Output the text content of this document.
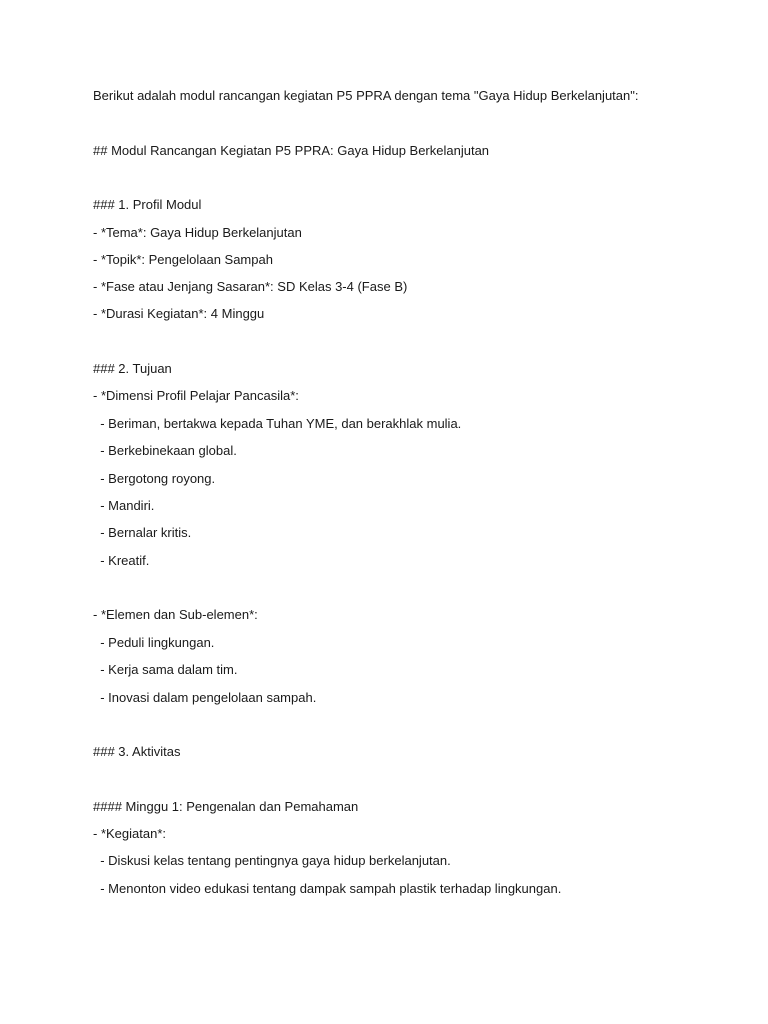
Berikut adalah modul rancangan kegiatan P5 PPRA dengan tema "Gaya Hidup Berkelanjutan":
## Modul Rancangan Kegiatan P5 PPRA: Gaya Hidup Berkelanjutan
### 1. Profil Modul
- *Tema*: Gaya Hidup Berkelanjutan
- *Topik*: Pengelolaan Sampah
- *Fase atau Jenjang Sasaran*: SD Kelas 3-4 (Fase B)
- *Durasi Kegiatan*: 4 Minggu
### 2. Tujuan
- *Dimensi Profil Pelajar Pancasila*:
- Beriman, bertakwa kepada Tuhan YME, dan berakhlak mulia.
- Berkebinekaan global.
- Bergotong royong.
- Mandiri.
- Bernalar kritis.
- Kreatif.
- *Elemen dan Sub-elemen*:
- Peduli lingkungan.
- Kerja sama dalam tim.
- Inovasi dalam pengelolaan sampah.
### 3. Aktivitas
#### Minggu 1: Pengenalan dan Pemahaman
- *Kegiatan*:
- Diskusi kelas tentang pentingnya gaya hidup berkelanjutan.
- Menonton video edukasi tentang dampak sampah plastik terhadap lingkungan.
